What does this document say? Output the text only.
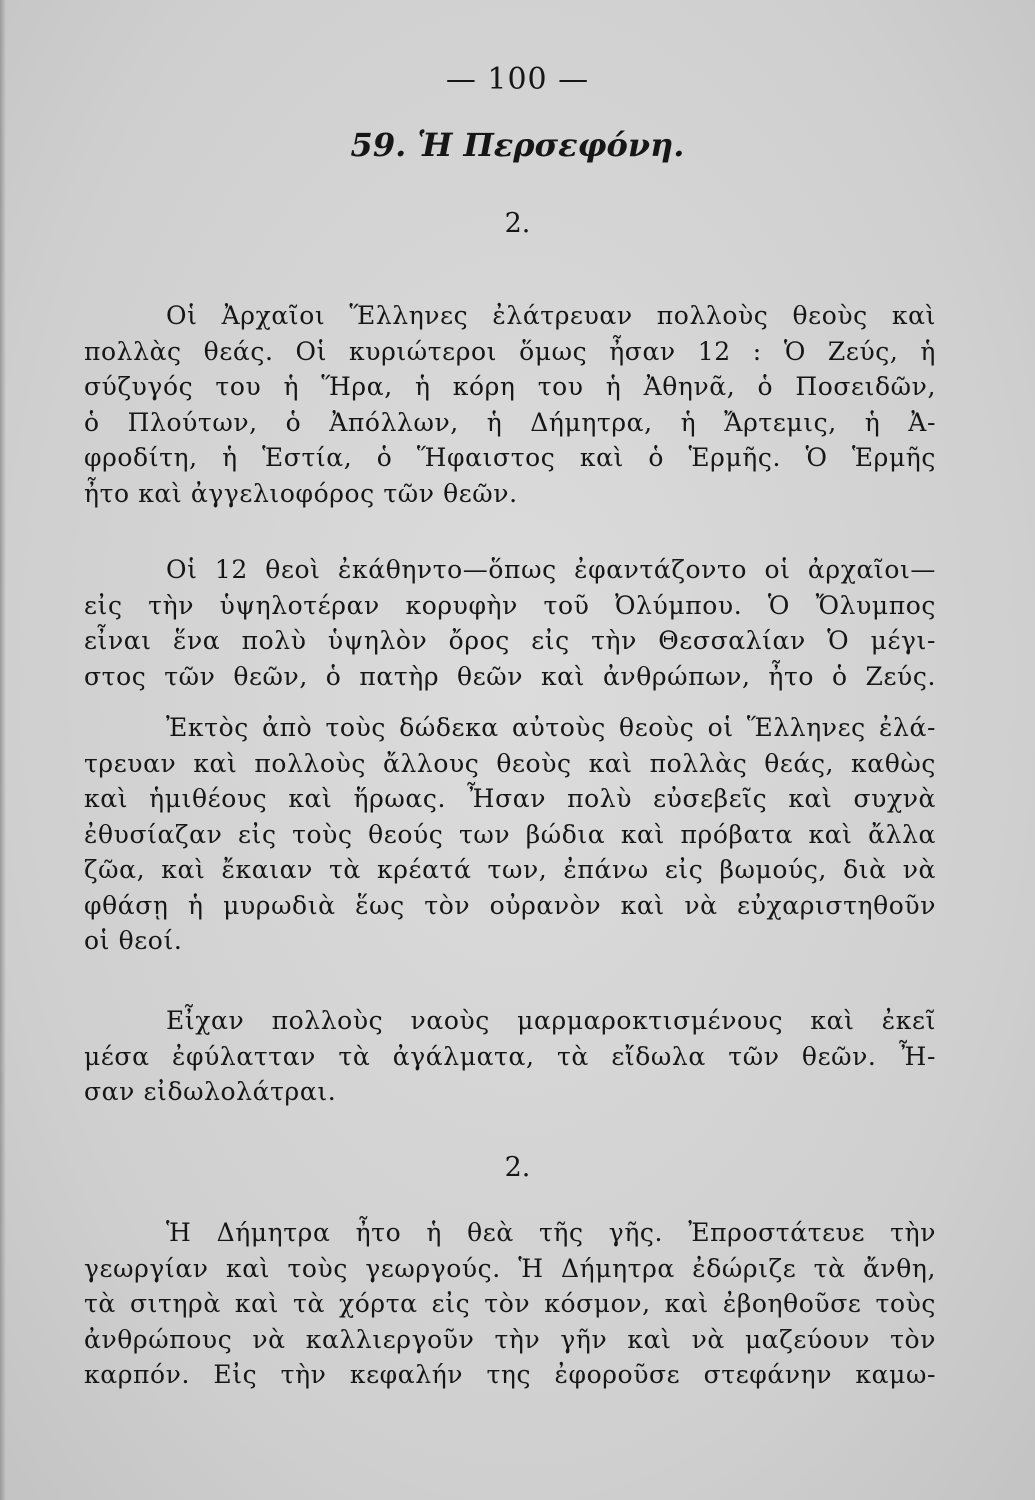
— 100 —
59. Ἡ Περσεφόνη.
2.
Οἱ Ἀρχαῖοι Ἕλληνες ἐλάτρευαν πολλοὺς θεοὺς καὶ
πολλὰς θεάς. Οἱ κυριώτεροι ὅμως ἦσαν 12 : Ὁ Ζεύς, ἡ
σύζυγός του ἡ Ἥρα, ἡ κόρη του ἡ Ἀθηνᾶ, ὁ Ποσειδῶν,
ὁ Πλούτων, ὁ Ἀπόλλων, ἡ Δήμητρα, ἡ Ἄρτεμις, ἡ Ἀ-
φροδίτη, ἡ Ἑστία, ὁ Ἥφαιστος καὶ ὁ Ἑρμῆς. Ὁ Ἑρμῆς
ἦτο καὶ ἀγγελιοφόρος τῶν θεῶν.
Οἱ 12 θεοὶ ἐκάθηντο—ὅπως ἐφαντάζοντο οἱ ἀρχαῖοι—
εἰς τὴν ὑψηλοτέραν κορυφὴν τοῦ Ὀλύμπου. Ὁ Ὄλυμπος
εἶναι ἕνα πολὺ ὑψηλὸν ὄρος εἰς τὴν Θεσσαλίαν Ὁ μέγι-
στος τῶν θεῶν, ὁ πατὴρ θεῶν καὶ ἀνθρώπων, ἦτο ὁ Ζεύς.
Ἐκτὸς ἀπὸ τοὺς δώδεκα αὐτοὺς θεοὺς οἱ Ἕλληνες ἐλά-
τρευαν καὶ πολλοὺς ἄλλους θεοὺς καὶ πολλὰς θεάς, καθὼς
καὶ ἡμιθέους καὶ ἥρωας. Ἦσαν πολὺ εὐσεβεῖς καὶ συχνὰ
ἐθυσίαζαν εἰς τοὺς θεούς των βώδια καὶ πρόβατα καὶ ἄλλα
ζῶα, καὶ ἔκαιαν τὰ κρέατά των, ἐπάνω εἰς βωμούς, διὰ νὰ
φθάσῃ ἡ μυρωδιὰ ἕως τὸν οὐρανὸν καὶ νὰ εὐχαριστηθοῦν
οἱ θεοί.
Εἶχαν πολλοὺς ναοὺς μαρμαροκτισμένους καὶ ἐκεῖ
μέσα ἐφύλατταν τὰ ἀγάλματα, τὰ εἴδωλα τῶν θεῶν. Ἦ-
σαν εἰδωλολάτραι.
2.
Ἡ Δήμητρα ἦτο ἡ θεὰ τῆς γῆς. Ἐπροστάτευε τὴν
γεωργίαν καὶ τοὺς γεωργούς. Ἡ Δήμητρα ἐδώριζε τὰ ἄνθη,
τὰ σιτηρὰ καὶ τὰ χόρτα εἰς τὸν κόσμον, καὶ ἐβοηθοῦσε τοὺς
ἀνθρώπους νὰ καλλιεργοῦν τὴν γῆν καὶ νὰ μαζεύουν τὸν
καρπόν. Εἰς τὴν κεφαλήν της ἐφοροῦσε στεφάνην καμω-
